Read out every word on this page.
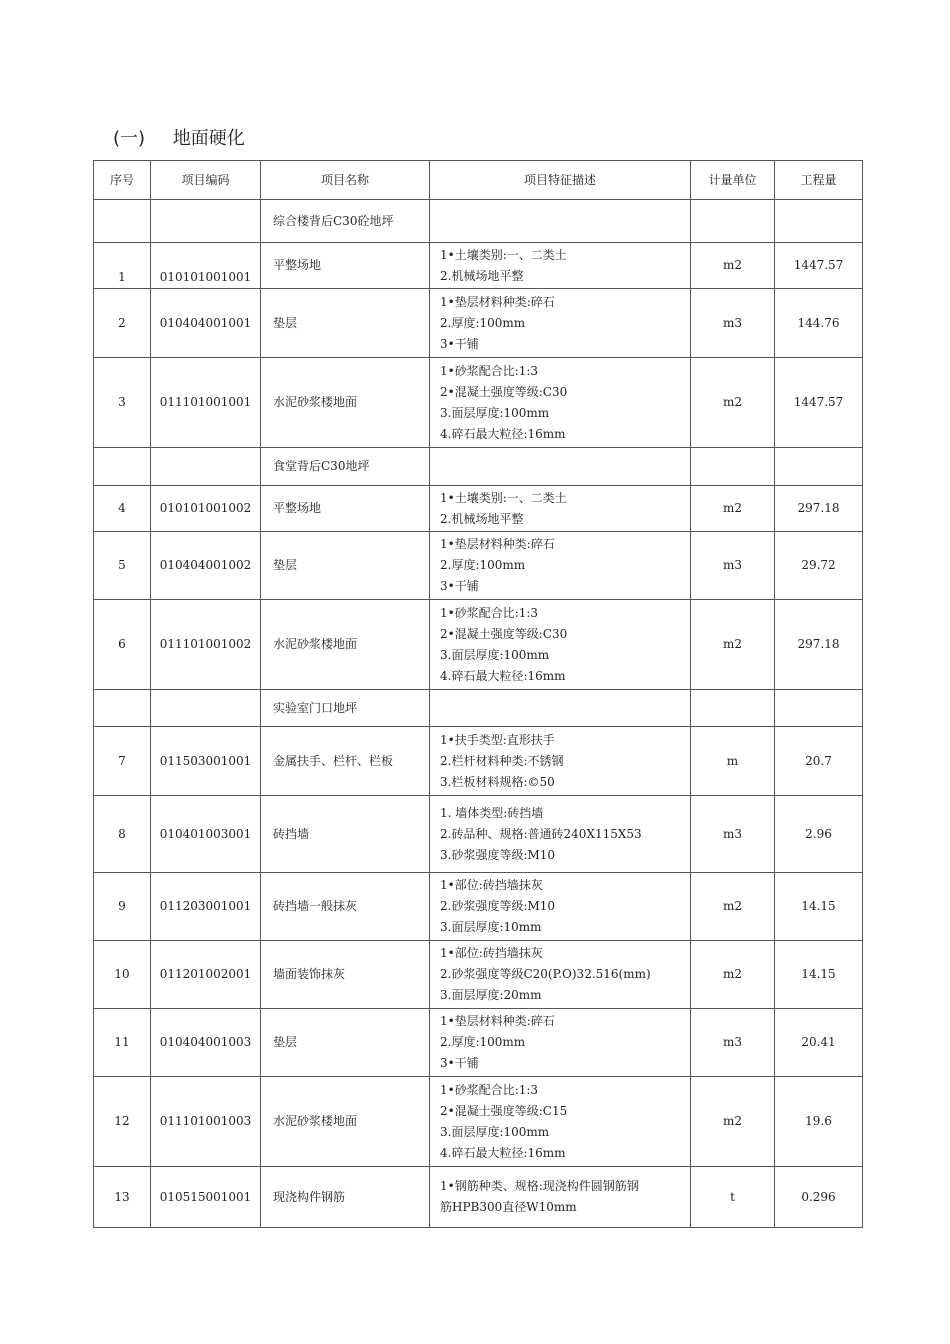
(一) 地面硬化
序号	项目编码	项目名称	项目特征描述	计量单位	工程量
		综合楼背后C30砼地坪			
1	010101001001	平整场地	1•土壤类别:一、二类土
2.机械场地平整	m2	1447.57
2	010404001001	垫层	1•垫层材料种类:碎石
2.厚度:100mm
3•干铺	m3	144.76
3	011101001001	水泥砂浆楼地面	1•砂浆配合比:1:3
2•混凝土强度等级:C30
3.面层厚度:100mm
4.碎石最大粒径:16mm	m2	1447.57
		食堂背后C30地坪			
4	010101001002	平整场地	1•土壤类别:一、二类土
2.机械场地平整	m2	297.18
5	010404001002	垫层	1•垫层材料种类:碎石
2.厚度:100mm
3•干铺	m3	29.72
6	011101001002	水泥砂浆楼地面	1•砂浆配合比:1:3
2•混凝土强度等级:C30
3.面层厚度:100mm
4.碎石最大粒径:16mm	m2	297.18
		实验室门口地坪			
7	011503001001	金属扶手、栏杆、栏板	1•扶手类型:直形扶手
2.栏杆材料种类:不锈钢
3.栏板材料规格:©50	m	20.7
8	010401003001	砖挡墙	1. 墙体类型:砖挡墙
2.砖品种、规格:普通砖240X115X53
3.砂浆强度等级:M10	m3	2.96
9	011203001001	砖挡墙一般抹灰	1•部位:砖挡墙抹灰
2.砂浆强度等级:M10
3.面层厚度:10mm	m2	14.15
10	011201002001	墙面装饰抹灰	1•部位:砖挡墙抹灰
2.砂浆强度等级C20(P.O)32.516(mm)
3.面层厚度:20mm	m2	14.15
11	010404001003	垫层	1•垫层材料种类:碎石
2.厚度:100mm
3•干铺	m3	20.41
12	011101001003	水泥砂浆楼地面	1•砂浆配合比:1:3
2•混凝土强度等级:C15
3.面层厚度:100mm
4.碎石最大粒径:16mm	m2	19.6
13	010515001001	现浇构件钢筋	1•钢筋种类、规格:现浇构件圆钢筋钢
筋HPB300直径W10mm	t	0.296
